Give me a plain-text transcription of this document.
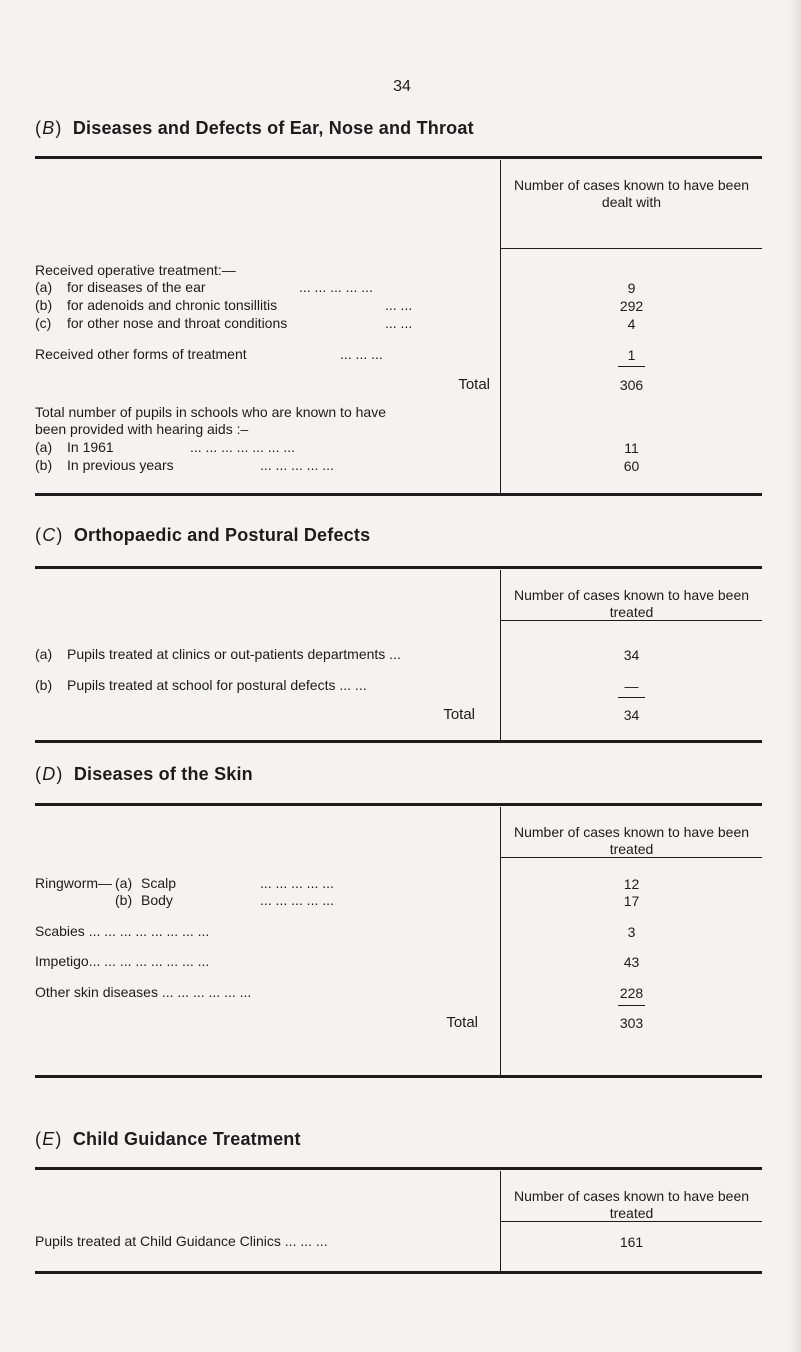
34
(B) Diseases and Defects of Ear, Nose and Throat
Number of cases known to have been dealt with
Received operative treatment:—
(a) for diseases of the ear	... ... ... ... ...	9
(b) for adenoids and chronic tonsillitis	... ...	292
(c) for other nose and throat conditions	... ...	4
Received other forms of treatment	... ... ...	1
Total	306
Total number of pupils in schools who are known to have
been provided with hearing aids :–
(a) In 1961	... ... ... ... ... ... ...	11
(b) In previous years	... ... ... ... ...	60
(C) Orthopaedic and Postural Defects
Number of cases known to have been treated
(a) Pupils treated at clinics or out-patients departments ...	34
(b) Pupils treated at school for postural defects ... ...	—
Total	34
(D) Diseases of the Skin
Number of cases known to have been treated
Ringworm— (a) Scalp	... ... ... ... ...	12
(b) Body	... ... ... ... ...	17
Scabies ... ... ... ... ... ... ... ...	3
Impetigo... ... ... ... ... ... ... ...	43
Other skin diseases ... ... ... ... ... ...	228
Total	303
(E) Child Guidance Treatment
Number of cases known to have been treated
Pupils treated at Child Guidance Clinics ... ... ...	161
